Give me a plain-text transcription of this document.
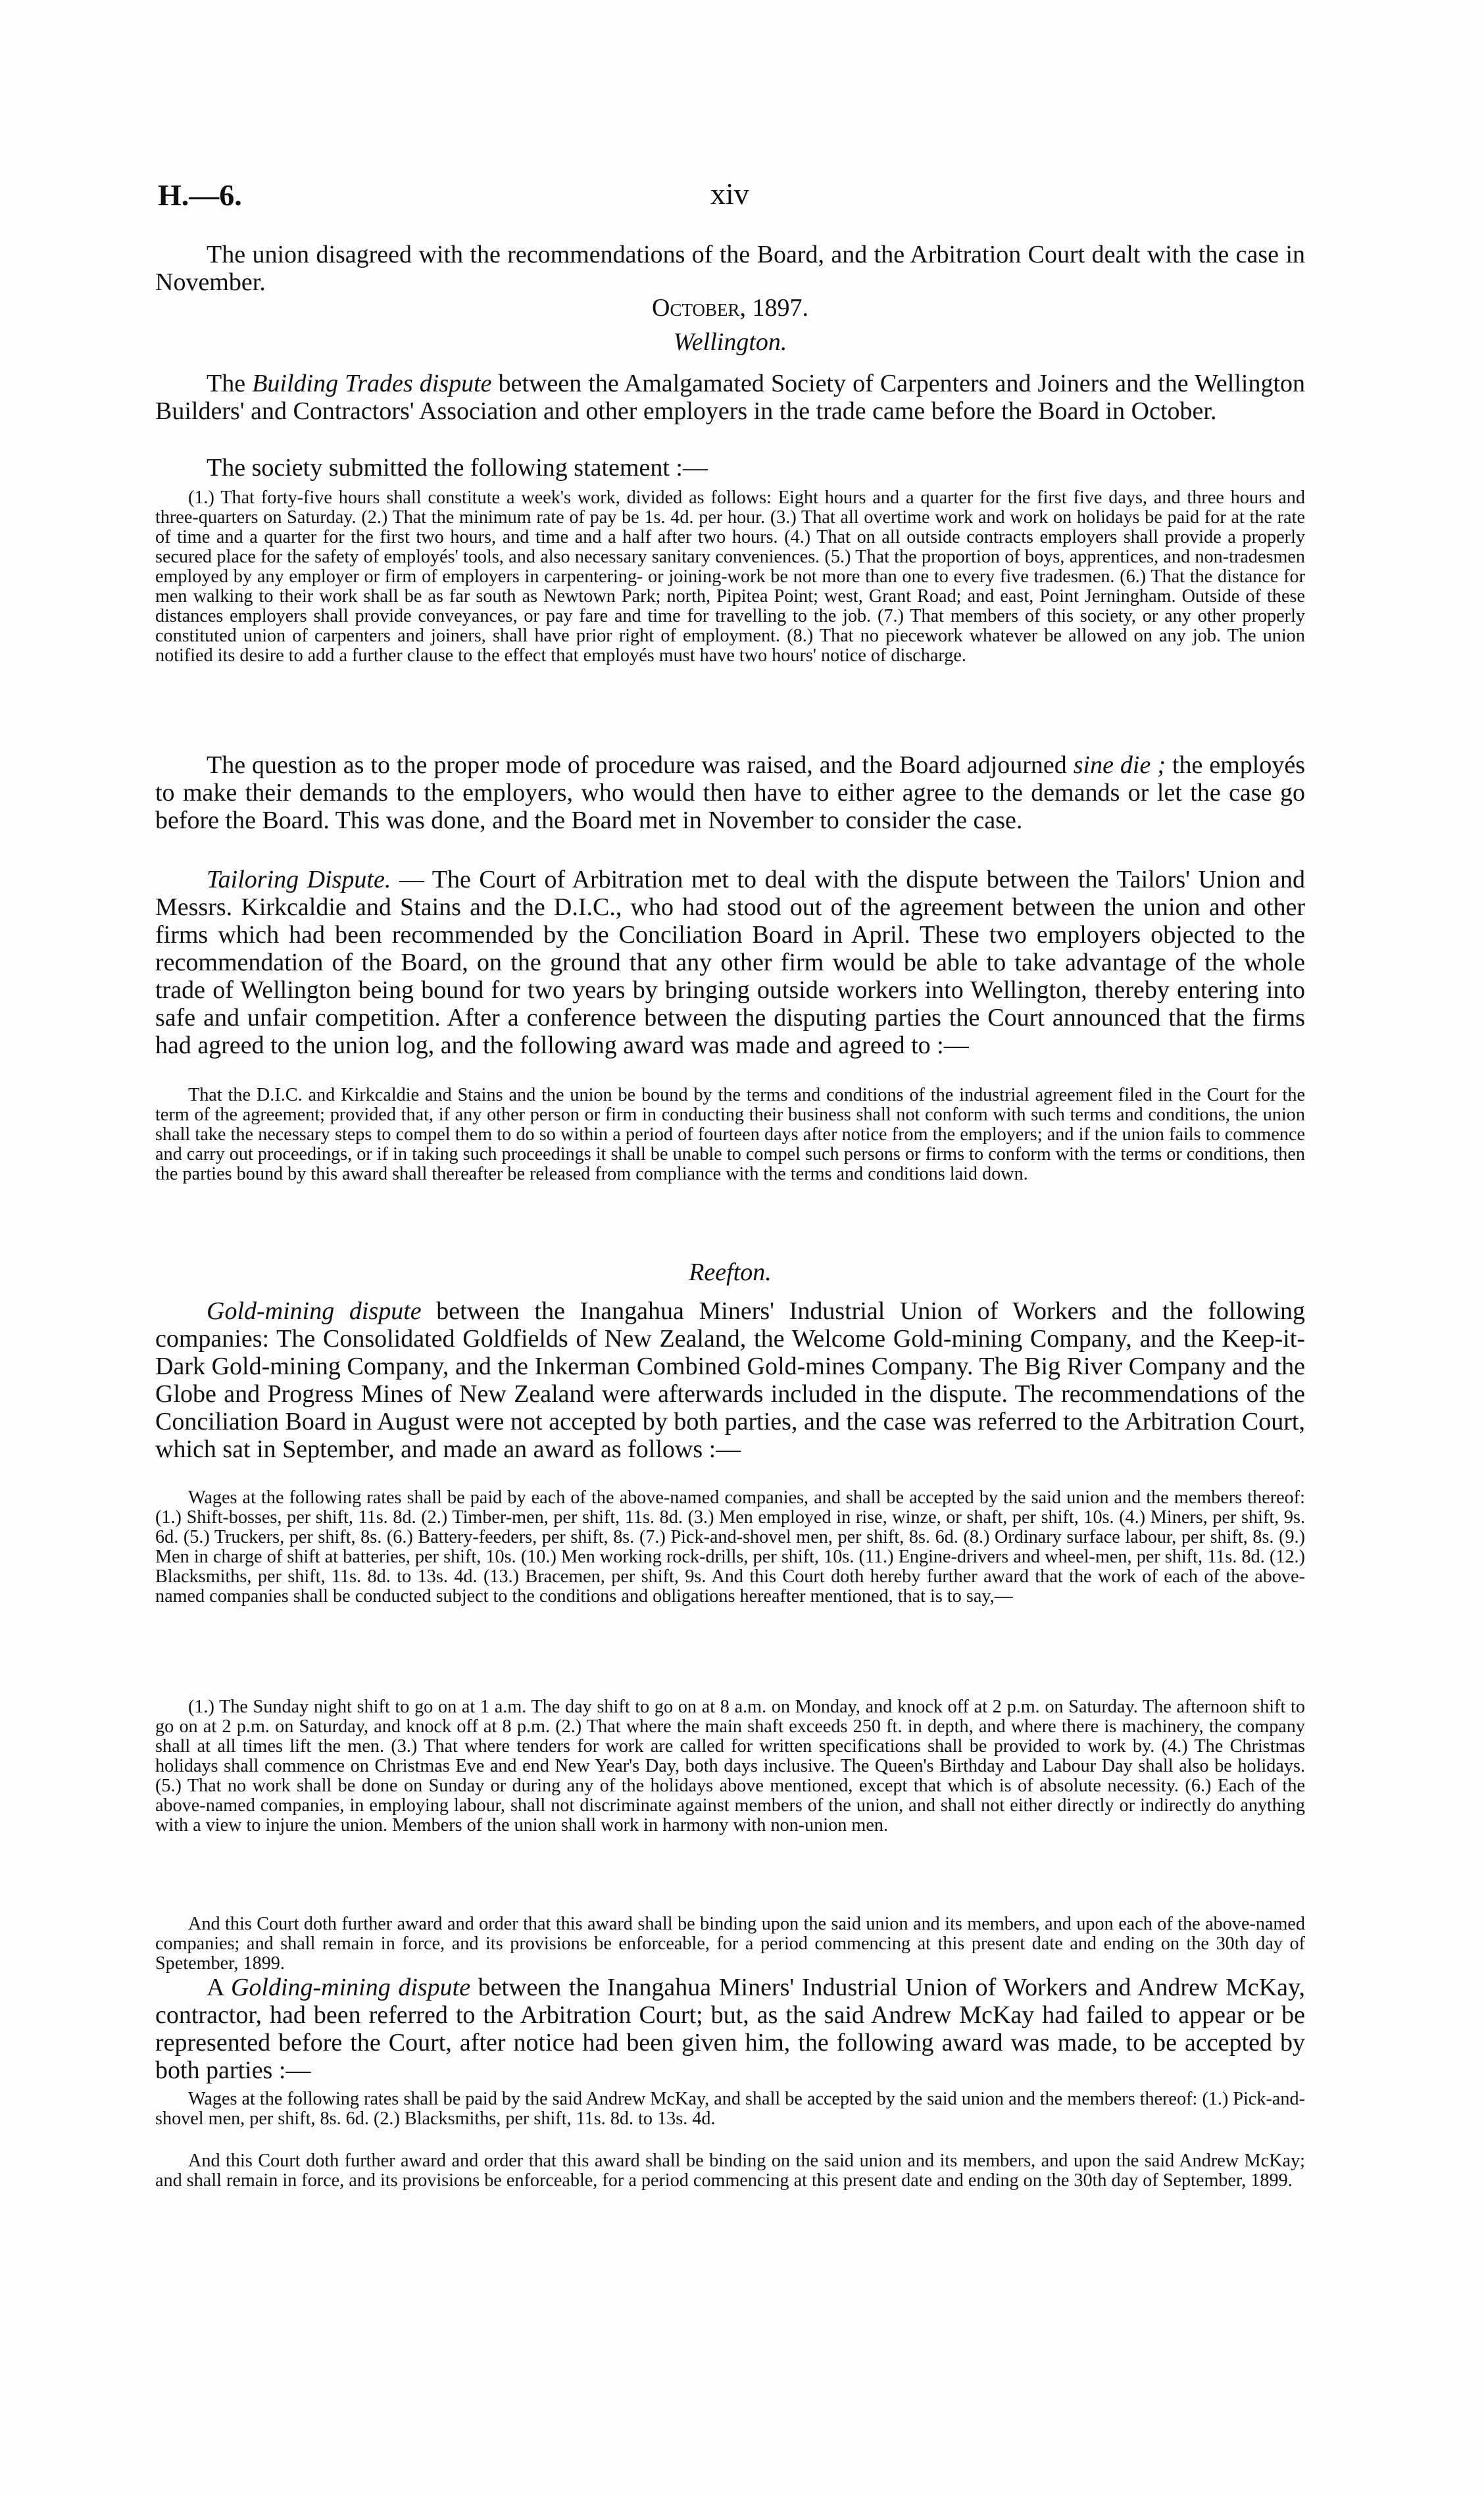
H.—6.	xiv

The union disagreed with the recommendations of the Board, and the Arbitration Court dealt with the case in November.

October, 1897.

Wellington.

The Building Trades dispute between the Amalgamated Society of Carpenters and Joiners and the Wellington Builders' and Contractors' Association and other employers in the trade came before the Board in October.

The society submitted the following statement :—

(1.) That forty-five hours shall constitute a week's work, divided as follows: Eight hours and a quarter for the first five days, and three hours and three-quarters on Saturday. (2.) That the minimum rate of pay be 1s. 4d. per hour. (3.) That all overtime work and work on holidays be paid for at the rate of time and a quarter for the first two hours, and time and a half after two hours. (4.) That on all outside contracts employers shall provide a properly secured place for the safety of employés' tools, and also necessary sanitary conveniences. (5.) That the proportion of boys, apprentices, and non-tradesmen employed by any employer or firm of employers in carpentering- or joining-work be not more than one to every five tradesmen. (6.) That the distance for men walking to their work shall be as far south as Newtown Park; north, Pipitea Point; west, Grant Road; and east, Point Jerningham. Outside of these distances employers shall provide conveyances, or pay fare and time for travelling to the job. (7.) That members of this society, or any other properly constituted union of carpenters and joiners, shall have prior right of employment. (8.) That no piecework whatever be allowed on any job. The union notified its desire to add a further clause to the effect that employés must have two hours' notice of discharge.

The question as to the proper mode of procedure was raised, and the Board adjourned sine die ; the employés to make their demands to the employers, who would then have to either agree to the demands or let the case go before the Board. This was done, and the Board met in November to consider the case.

Tailoring Dispute. — The Court of Arbitration met to deal with the dispute between the Tailors' Union and Messrs. Kirkcaldie and Stains and the D.I.C., who had stood out of the agreement between the union and other firms which had been recommended by the Conciliation Board in April. These two employers objected to the recommendation of the Board, on the ground that any other firm would be able to take advantage of the whole trade of Wellington being bound for two years by bringing outside workers into Wellington, thereby entering into safe and unfair competition. After a conference between the disputing parties the Court announced that the firms had agreed to the union log, and the following award was made and agreed to :—

That the D.I.C. and Kirkcaldie and Stains and the union be bound by the terms and conditions of the industrial agreement filed in the Court for the term of the agreement; provided that, if any other person or firm in conducting their business shall not conform with such terms and conditions, the union shall take the necessary steps to compel them to do so within a period of fourteen days after notice from the employers; and if the union fails to commence and carry out proceedings, or if in taking such proceedings it shall be unable to compel such persons or firms to conform with the terms or conditions, then the parties bound by this award shall thereafter be released from compliance with the terms and conditions laid down.

Reefton.

Gold-mining dispute between the Inangahua Miners' Industrial Union of Workers and the following companies: The Consolidated Goldfields of New Zealand, the Welcome Gold-mining Company, and the Keep-it-Dark Gold-mining Company, and the Inkerman Combined Gold-mines Company. The Big River Company and the Globe and Progress Mines of New Zealand were afterwards included in the dispute. The recommendations of the Conciliation Board in August were not accepted by both parties, and the case was referred to the Arbitration Court, which sat in September, and made an award as follows :—

Wages at the following rates shall be paid by each of the above-named companies, and shall be accepted by the said union and the members thereof: (1.) Shift-bosses, per shift, 11s. 8d. (2.) Timber-men, per shift, 11s. 8d. (3.) Men employed in rise, winze, or shaft, per shift, 10s. (4.) Miners, per shift, 9s. 6d. (5.) Truckers, per shift, 8s. (6.) Battery-feeders, per shift, 8s. (7.) Pick-and-shovel men, per shift, 8s. 6d. (8.) Ordinary surface labour, per shift, 8s. (9.) Men in charge of shift at batteries, per shift, 10s. (10.) Men working rock-drills, per shift, 10s. (11.) Engine-drivers and wheel-men, per shift, 11s. 8d. (12.) Blacksmiths, per shift, 11s. 8d. to 13s. 4d. (13.) Bracemen, per shift, 9s. And this Court doth hereby further award that the work of each of the above-named companies shall be conducted subject to the conditions and obligations hereafter mentioned, that is to say,—

(1.) The Sunday night shift to go on at 1 a.m. The day shift to go on at 8 a.m. on Monday, and knock off at 2 p.m. on Saturday. The afternoon shift to go on at 2 p.m. on Saturday, and knock off at 8 p.m. (2.) That where the main shaft exceeds 250 ft. in depth, and where there is machinery, the company shall at all times lift the men. (3.) That where tenders for work are called for written specifications shall be provided to work by. (4.) The Christmas holidays shall commence on Christmas Eve and end New Year's Day, both days inclusive. The Queen's Birthday and Labour Day shall also be holidays. (5.) That no work shall be done on Sunday or during any of the holidays above mentioned, except that which is of absolute necessity. (6.) Each of the above-named companies, in employing labour, shall not discriminate against members of the union, and shall not either directly or indirectly do anything with a view to injure the union. Members of the union shall work in harmony with non-union men.

And this Court doth further award and order that this award shall be binding upon the said union and its members, and upon each of the above-named companies; and shall remain in force, and its provisions be enforceable, for a period commencing at this present date and ending on the 30th day of Spetember, 1899.

A Golding-mining dispute between the Inangahua Miners' Industrial Union of Workers and Andrew McKay, contractor, had been referred to the Arbitration Court; but, as the said Andrew McKay had failed to appear or be represented before the Court, after notice had been given him, the following award was made, to be accepted by both parties :—

Wages at the following rates shall be paid by the said Andrew McKay, and shall be accepted by the said union and the members thereof: (1.) Pick-and-shovel men, per shift, 8s. 6d. (2.) Blacksmiths, per shift, 11s. 8d. to 13s. 4d.

And this Court doth further award and order that this award shall be binding on the said union and its members, and upon the said Andrew McKay; and shall remain in force, and its provisions be enforceable, for a period commencing at this present date and ending on the 30th day of September, 1899.
